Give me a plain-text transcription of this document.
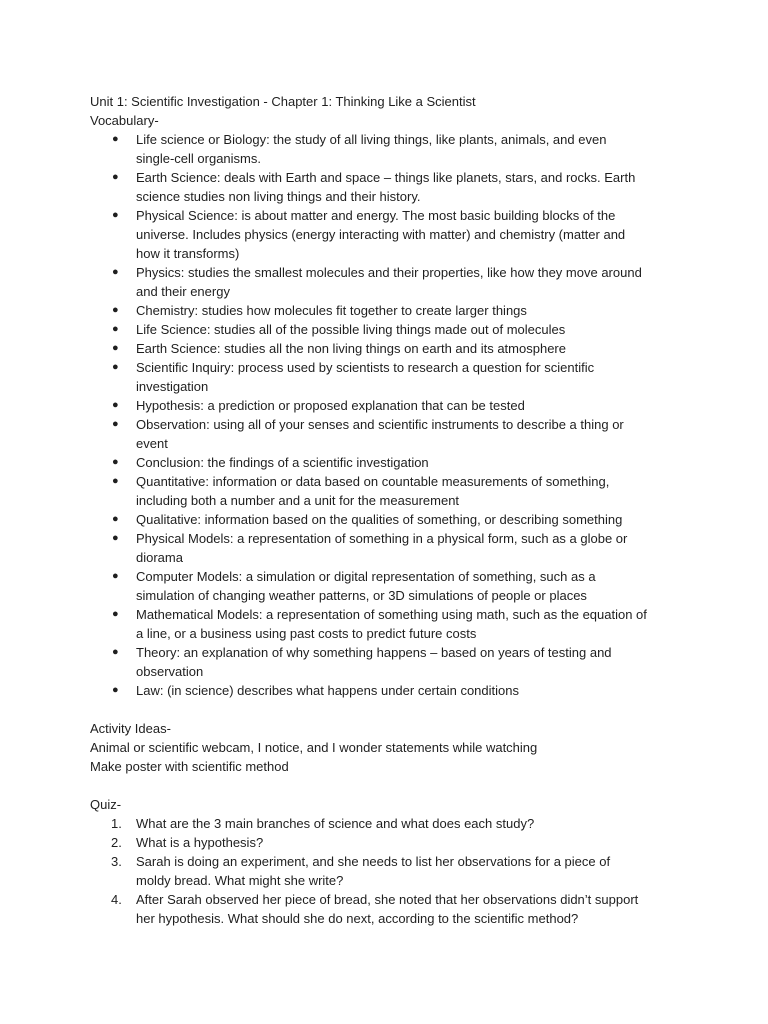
Unit 1: Scientific Investigation - Chapter 1: Thinking Like a Scientist
Vocabulary-
● Life science or Biology: the study of all living things, like plants, animals, and even
single-cell organisms.
● Earth Science: deals with Earth and space – things like planets, stars, and rocks. Earth
science studies non living things and their history.
● Physical Science: is about matter and energy. The most basic building blocks of the
universe. Includes physics (energy interacting with matter) and chemistry (matter and
how it transforms)
● Physics: studies the smallest molecules and their properties, like how they move around
and their energy
● Chemistry: studies how molecules fit together to create larger things
● Life Science: studies all of the possible living things made out of molecules
● Earth Science: studies all the non living things on earth and its atmosphere
● Scientific Inquiry: process used by scientists to research a question for scientific
investigation
● Hypothesis: a prediction or proposed explanation that can be tested
● Observation: using all of your senses and scientific instruments to describe a thing or
event
● Conclusion: the findings of a scientific investigation
● Quantitative: information or data based on countable measurements of something,
including both a number and a unit for the measurement
● Qualitative: information based on the qualities of something, or describing something
● Physical Models: a representation of something in a physical form, such as a globe or
diorama
● Computer Models: a simulation or digital representation of something, such as a
simulation of changing weather patterns, or 3D simulations of people or places
● Mathematical Models: a representation of something using math, such as the equation of
a line, or a business using past costs to predict future costs
● Theory: an explanation of why something happens – based on years of testing and
observation
● Law: (in science) describes what happens under certain conditions
Activity Ideas-
Animal or scientific webcam, I notice, and I wonder statements while watching
Make poster with scientific method
Quiz-
1. What are the 3 main branches of science and what does each study?
2. What is a hypothesis?
3. Sarah is doing an experiment, and she needs to list her observations for a piece of
moldy bread. What might she write?
4. After Sarah observed her piece of bread, she noted that her observations didn’t support
her hypothesis. What should she do next, according to the scientific method?
